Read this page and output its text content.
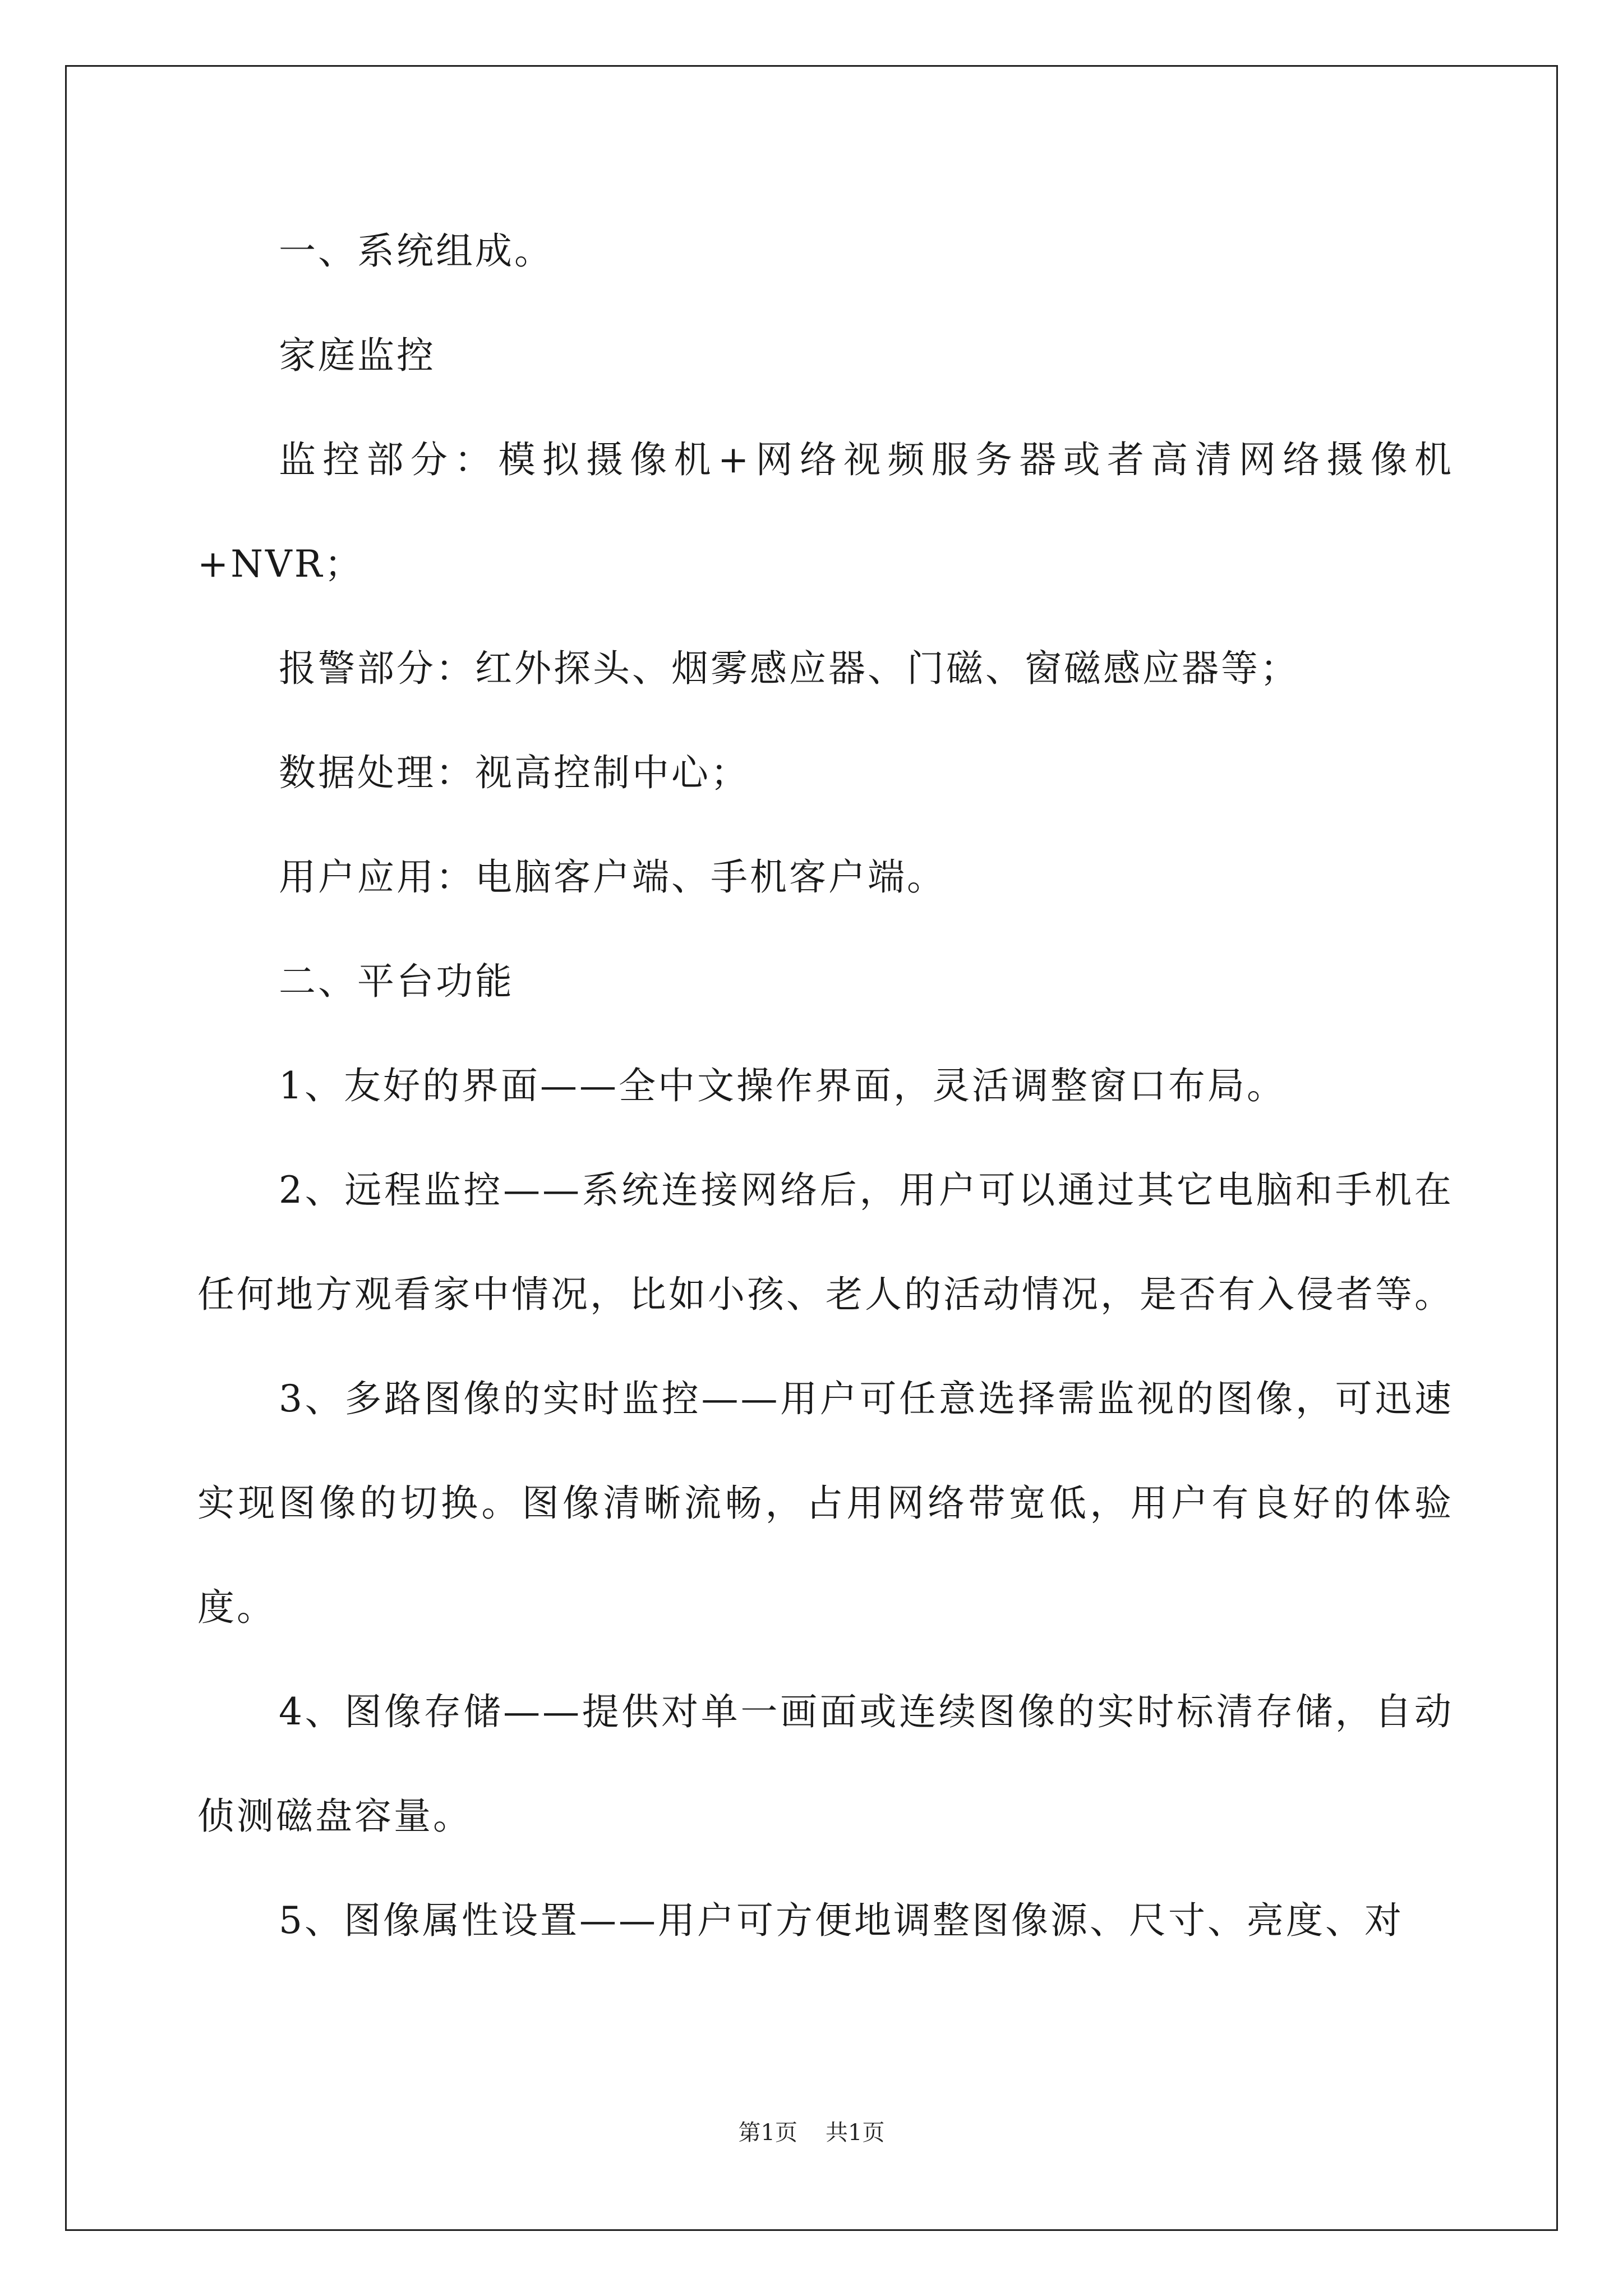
一、系统组成。

家庭监控

监控部分：模拟摄像机+网络视频服务器或者高清网络摄像机+NVR；

报警部分：红外探头、烟雾感应器、门磁、窗磁感应器等；

数据处理：视高控制中心；

用户应用：电脑客户端、手机客户端。

二、平台功能

1、友好的界面——全中文操作界面，灵活调整窗口布局。

2、远程监控——系统连接网络后，用户可以通过其它电脑和手机在任何地方观看家中情况，比如小孩、老人的活动情况，是否有入侵者等。

3、多路图像的实时监控——用户可任意选择需监视的图像，可迅速实现图像的切换。图像清晰流畅，占用网络带宽低，用户有良好的体验度。

4、图像存储——提供对单一画面或连续图像的实时标清存储，自动侦测磁盘容量。

5、图像属性设置——用户可方便地调整图像源、尺寸、亮度、对

第1页 共1页
